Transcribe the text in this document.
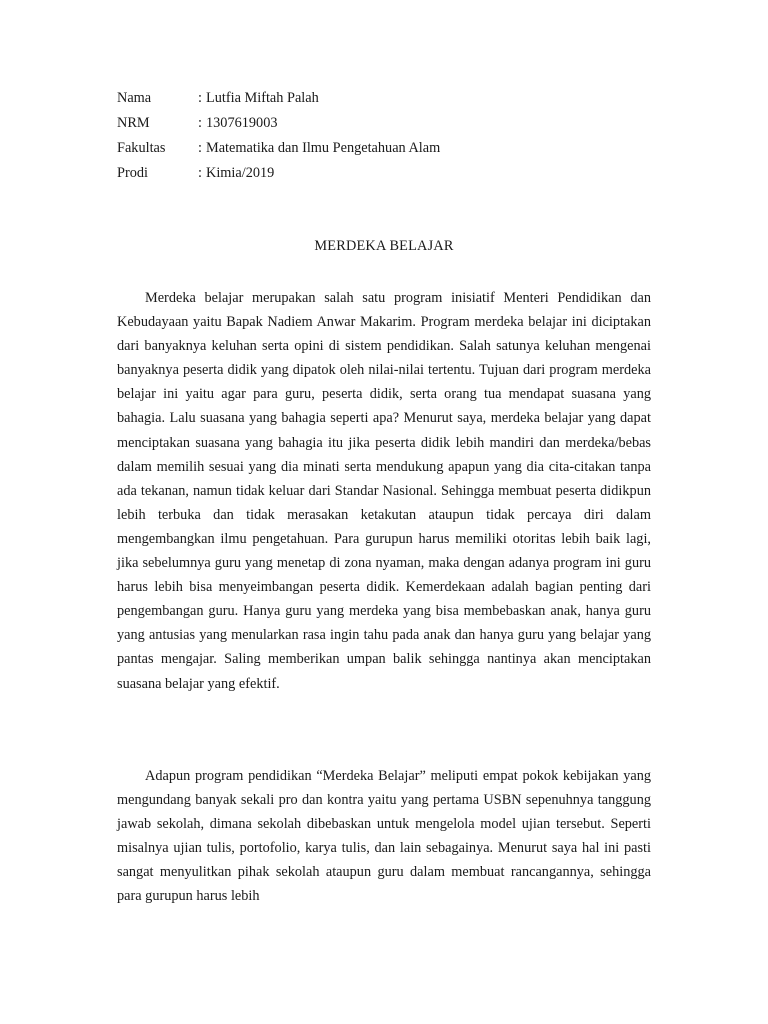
Nama	: Lutfia Miftah Palah
NRM	: 1307619003
Fakultas	: Matematika dan Ilmu Pengetahuan Alam
Prodi	: Kimia/2019
MERDEKA BELAJAR

Merdeka belajar merupakan salah satu program inisiatif Menteri Pendidikan dan Kebudayaan yaitu Bapak Nadiem Anwar Makarim. Program merdeka belajar ini diciptakan dari banyaknya keluhan serta opini di sistem pendidikan. Salah satunya keluhan mengenai banyaknya peserta didik yang dipatok oleh nilai-nilai tertentu. Tujuan dari program merdeka belajar ini yaitu agar para guru, peserta didik, serta orang tua mendapat suasana yang bahagia. Lalu suasana yang bahagia seperti apa? Menurut saya, merdeka belajar yang dapat menciptakan suasana yang bahagia itu jika peserta didik lebih mandiri dan merdeka/bebas dalam memilih sesuai yang dia minati serta mendukung apapun yang dia cita-citakan tanpa ada tekanan, namun tidak keluar dari Standar Nasional. Sehingga membuat peserta didikpun lebih terbuka dan tidak merasakan ketakutan ataupun tidak percaya diri dalam mengembangkan ilmu pengetahuan. Para gurupun harus memiliki otoritas lebih baik lagi, jika sebelumnya guru yang menetap di zona nyaman, maka dengan adanya program ini guru harus lebih bisa menyeimbangan peserta didik. Kemerdekaan adalah bagian penting dari pengembangan guru. Hanya guru yang merdeka yang bisa membebaskan anak, hanya guru yang antusias yang menularkan rasa ingin tahu pada anak dan hanya guru yang belajar yang pantas mengajar. Saling memberikan umpan balik sehingga nantinya akan menciptakan suasana belajar yang efektif.

Adapun program pendidikan “Merdeka Belajar” meliputi empat pokok kebijakan yang mengundang banyak sekali pro dan kontra yaitu yang pertama USBN sepenuhnya tanggung jawab sekolah, dimana sekolah dibebaskan untuk mengelola model ujian tersebut. Seperti misalnya ujian tulis, portofolio, karya tulis, dan lain sebagainya. Menurut saya hal ini pasti sangat menyulitkan pihak sekolah ataupun guru dalam membuat rancangannya, sehingga para gurupun harus lebih
